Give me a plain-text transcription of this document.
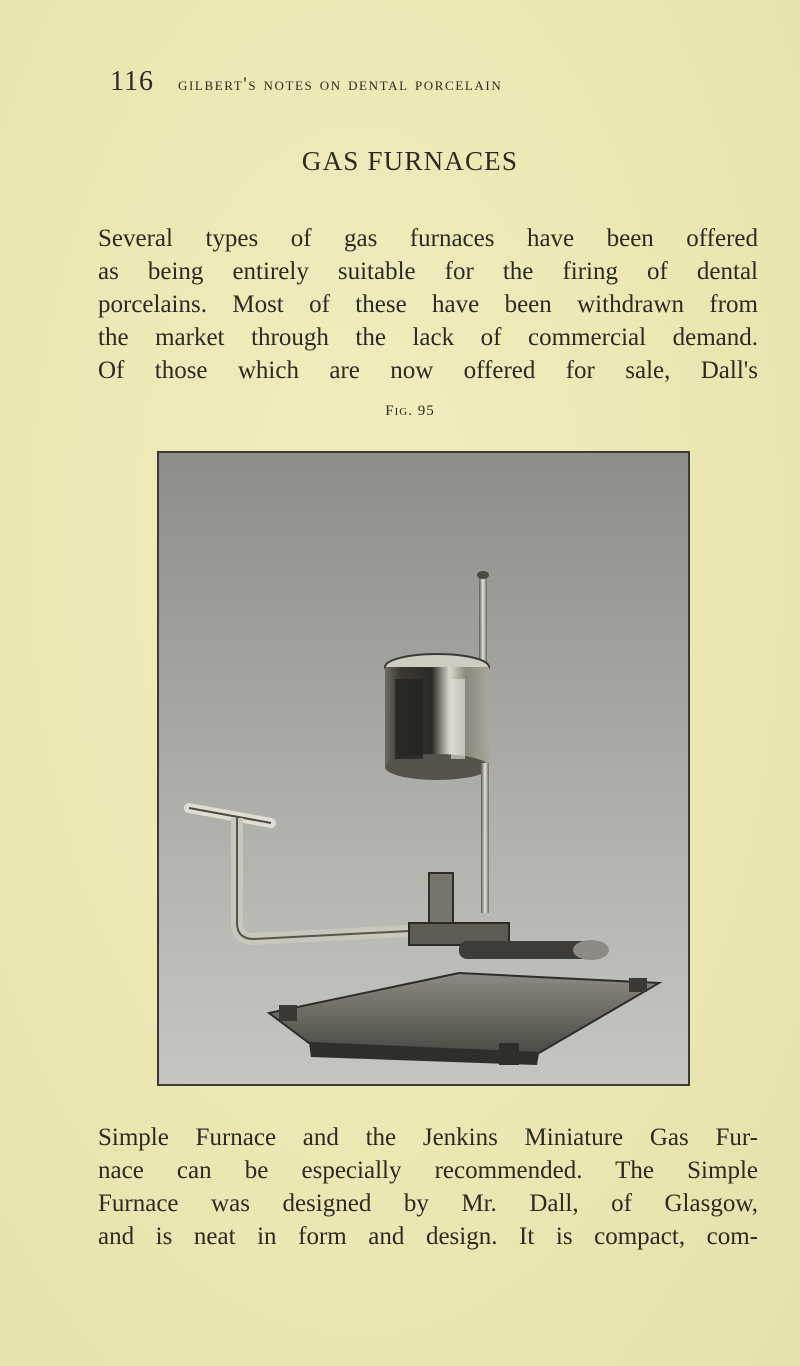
116	gilbert's notes on dental porcelain
GAS FURNACES

Several types of gas furnaces have been offered
as being entirely suitable for the firing of dental
porcelains. Most of these have been withdrawn from
the market through the lack of commercial demand.
Of those which are now offered for sale, Dall's

Fig. 95

Simple Furnace and the Jenkins Miniature Gas Fur-
nace can be especially recommended. The Simple
Furnace was designed by Mr. Dall, of Glasgow,
and is neat in form and design. It is compact, com-
